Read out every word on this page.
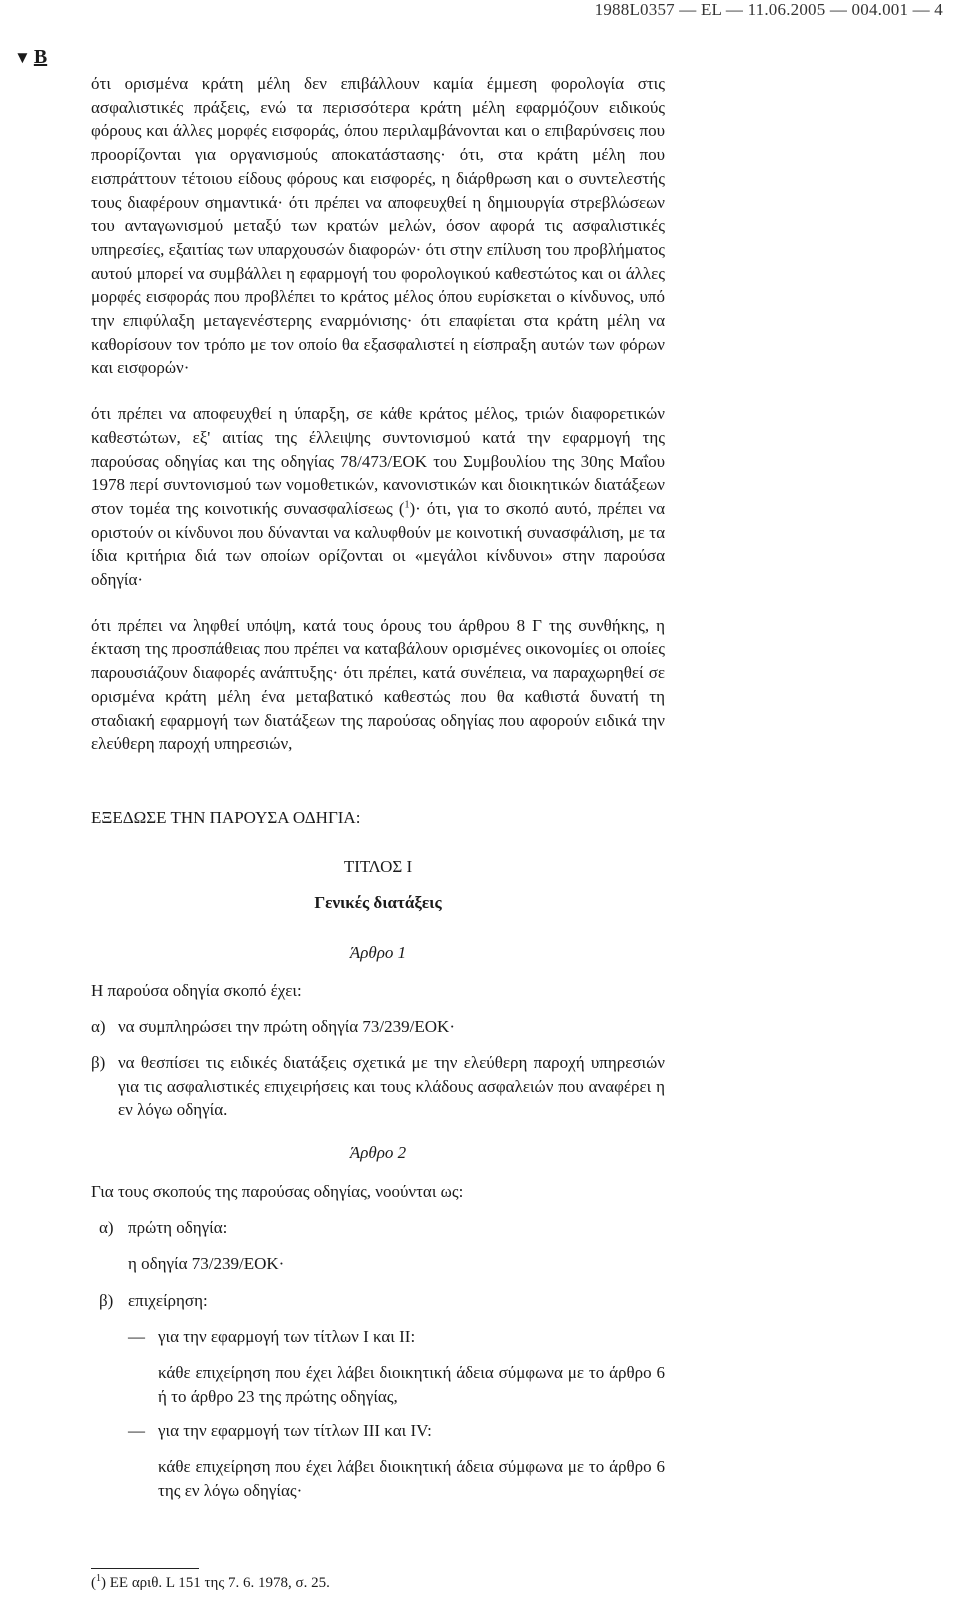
1988L0357 — EL — 11.06.2005 — 004.001 — 4
▼ B

ότι ορισμένα κράτη μέλη δεν επιβάλλουν καμία έμμεση φορολογία στις ασφαλιστικές πράξεις, ενώ τα περισσότερα κράτη μέλη εφαρμόζουν ειδικούς φόρους και άλλες μορφές εισφοράς, όπου περιλαμβάνονται και ο επιβαρύνσεις που προορίζονται για οργανισμούς αποκατάστασης· ότι, στα κράτη μέλη που εισπράττουν τέτοιου είδους φόρους και εισφορές, η διάρθρωση και ο συντελεστής τους διαφέρουν σημαντικά· ότι πρέπει να αποφευχθεί η δημιουργία στρεβλώσεων του ανταγωνισμού μεταξύ των κρατών μελών, όσον αφορά τις ασφαλιστικές υπηρεσίες, εξαιτίας των υπαρχουσών διαφορών· ότι στην επίλυση του προβλήματος αυτού μπορεί να συμβάλλει η εφαρμογή του φορολογικού καθεστώτος και οι άλλες μορφές εισφοράς που προβλέπει το κράτος μέλος όπου ευρίσκεται ο κίνδυνος, υπό την επιφύλαξη μεταγενέστερης εναρμόνισης· ότι επαφίεται στα κράτη μέλη να καθορίσουν τον τρόπο με τον οποίο θα εξασφαλιστεί η είσπραξη αυτών των φόρων και εισφορών·

ότι πρέπει να αποφευχθεί η ύπαρξη, σε κάθε κράτος μέλος, τριών διαφορετικών καθεστώτων, εξ' αιτίας της έλλειψης συντονισμού κατά την εφαρμογή της παρούσας οδηγίας και της οδηγίας 78/473/ΕΟΚ του Συμβουλίου της 30ης Μαΐου 1978 περί συντονισμού των νομοθετικών, κανονιστικών και διοικητικών διατάξεων στον τομέα της κοινοτικής συνασφαλίσεως ($^1$)· ότι, για το σκοπό αυτό, πρέπει να οριστούν οι κίνδυνοι που δύνανται να καλυφθούν με κοινοτική συνασφάλιση, με τα ίδια κριτήρια διά των οποίων ορίζονται οι «μεγάλοι κίνδυνοι» στην παρούσα οδηγία·

ότι πρέπει να ληφθεί υπόψη, κατά τους όρους του άρθρου 8 Γ της συνθήκης, η έκταση της προσπάθειας που πρέπει να καταβάλουν ορισμένες οικονομίες οι οποίες παρουσιάζουν διαφορές ανάπτυξης· ότι πρέπει, κατά συνέπεια, να παραχωρηθεί σε ορισμένα κράτη μέλη ένα μεταβατικό καθεστώς που θα καθιστά δυνατή τη σταδιακή εφαρμογή των διατάξεων της παρούσας οδηγίας που αφορούν ειδικά την ελεύθερη παροχή υπηρεσιών,

ΕΞΕΔΩΣΕ ΤΗΝ ΠΑΡΟΥΣΑ ΟΔΗΓΙΑ:
ΤΙΤΛΟΣ I
Γενικές διατάξεις
Άρθρο 1
Η παρούσα οδηγία σκοπό έχει:
α) να συμπληρώσει την πρώτη οδηγία 73/239/ΕΟΚ·
β) να θεσπίσει τις ειδικές διατάξεις σχετικά με την ελεύθερη παροχή υπηρεσιών για τις ασφαλιστικές επιχειρήσεις και τους κλάδους ασφαλειών που αναφέρει η εν λόγω οδηγία.

Άρθρο 2
Για τους σκοπούς της παρούσας οδηγίας, νοούνται ως:
α) πρώτη οδηγία:
η οδηγία 73/239/ΕΟΚ·
β) επιχείρηση:
— για την εφαρμογή των τίτλων I και II:

κάθε επιχείρηση που έχει λάβει διοικητική άδεια σύμφωνα με το άρθρο 6 ή το άρθρο 23 της πρώτης οδηγίας,

— για την εφαρμογή των τίτλων III και IV:

κάθε επιχείρηση που έχει λάβει διοικητική άδεια σύμφωνα με το άρθρο 6 της εν λόγω οδηγίας·

($^1$) ΕΕ αριθ. L 151 της 7. 6. 1978, σ. 25.
